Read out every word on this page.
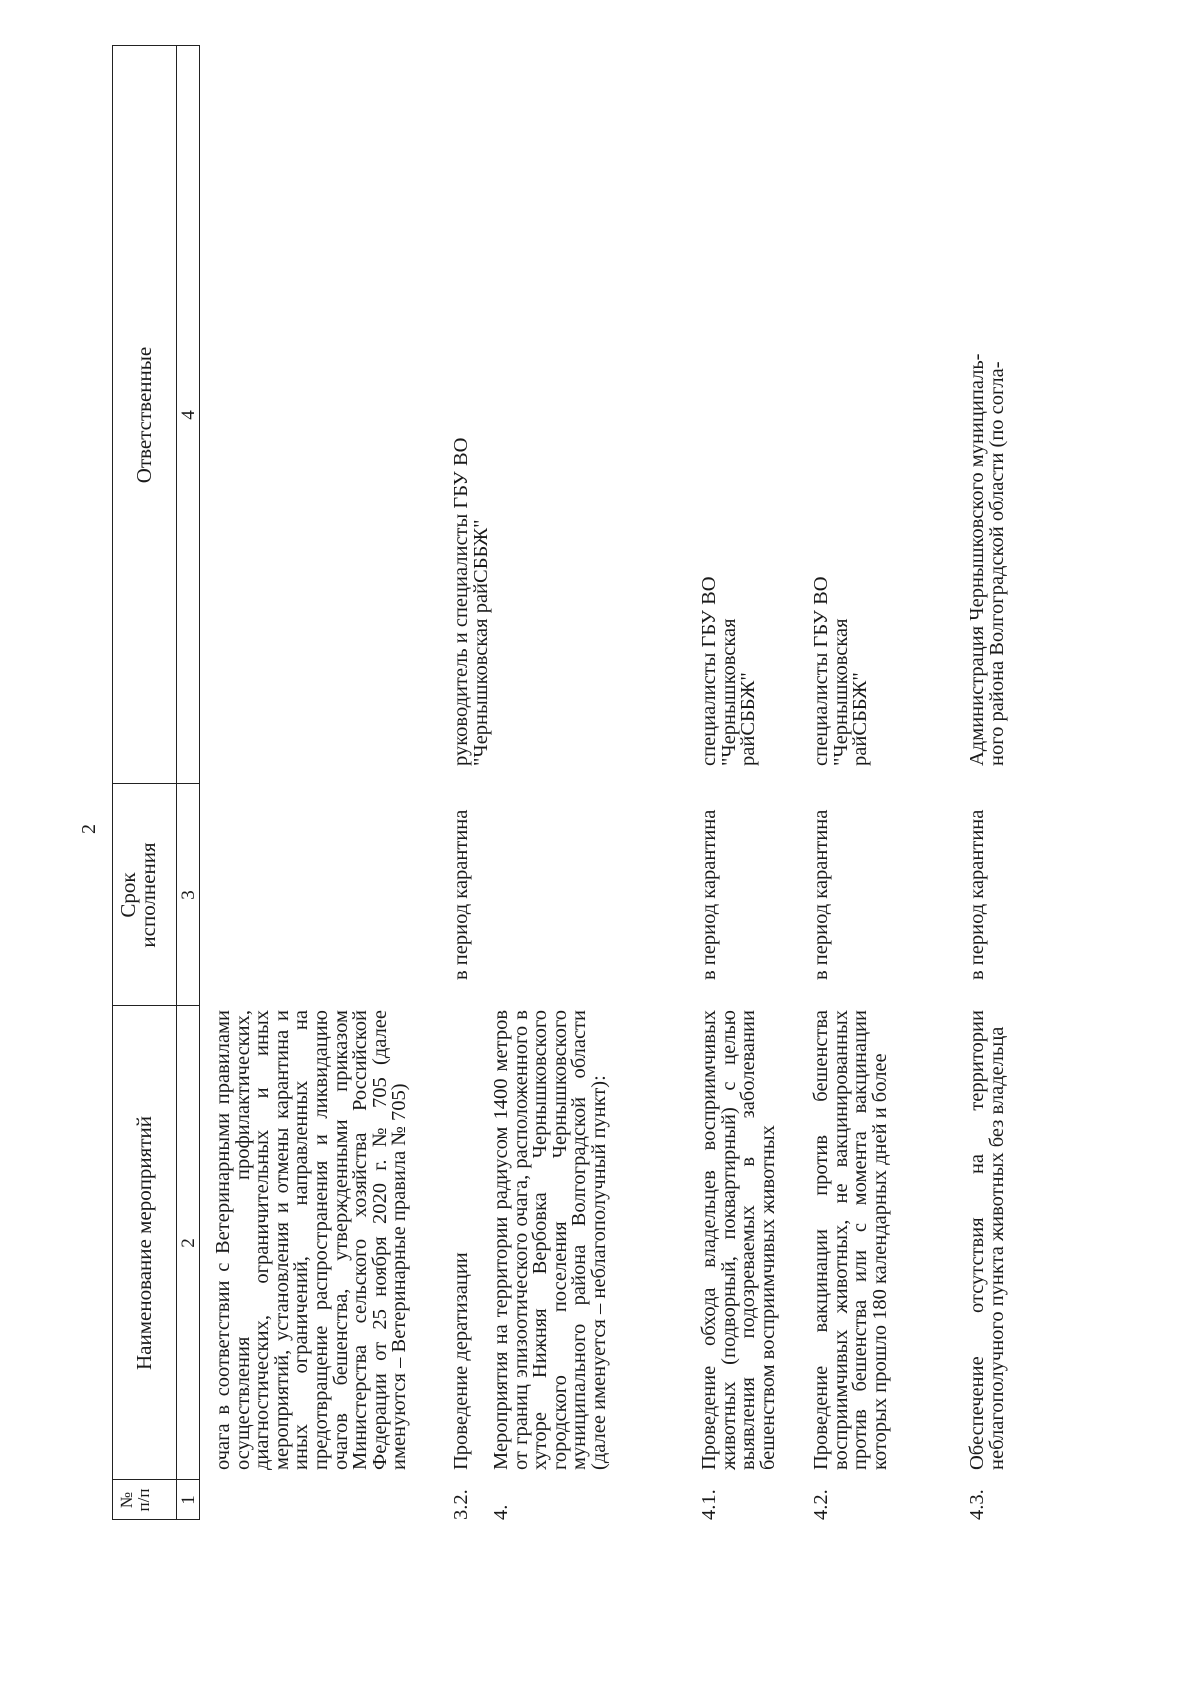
2
№
п/п
Наименование мероприятий
Срок
исполнения
Ответственные
1
2
3
4
очага в соответствии с Ветеринарными правилами осуществления профилактических, диагностических, ограничительных и иных мероприятий, установления и отмены карантина и иных ограничений, направленных на предотвращение распространения и ликвидацию очагов бешенства, утвержденными приказом Министерства сельского хозяйства Российской Федерации от 25 ноября 2020 г. № 705 (далее именуются – Ветеринарные правила № 705)
3.2.
Проведение дератизации
в период карантина
руководитель и специалисты ГБУ ВО
"Чернышковская райСББЖ"
4.
Мероприятия на территории радиусом 1400 метров от границ эпизоотического очага, расположенного в хуторе Нижняя Вербовка Чернышковского городского поселения Чернышковского муниципального района Волгоградской области (далее именуется – неблагополучный пункт):
4.1.
Проведение обхода владельцев восприимчивых животных (подворный, поквартирный) с целью выявления подозреваемых в заболевании бешенством восприимчивых животных
в период карантина
специалисты ГБУ ВО "Чернышковская
райСББЖ"
4.2.
Проведение вакцинации против бешенства восприимчивых животных, не вакцинированных против бешенства или с момента вакцинации которых прошло 180 календарных дней и более
в период карантина
специалисты ГБУ ВО "Чернышковская
райСББЖ"
4.3.
Обеспечение отсутствия на территории неблагополучного пункта животных без владельца
в период карантина
Администрация Чернышковского муниципаль-
ного района Волгоградской области (по согла-
